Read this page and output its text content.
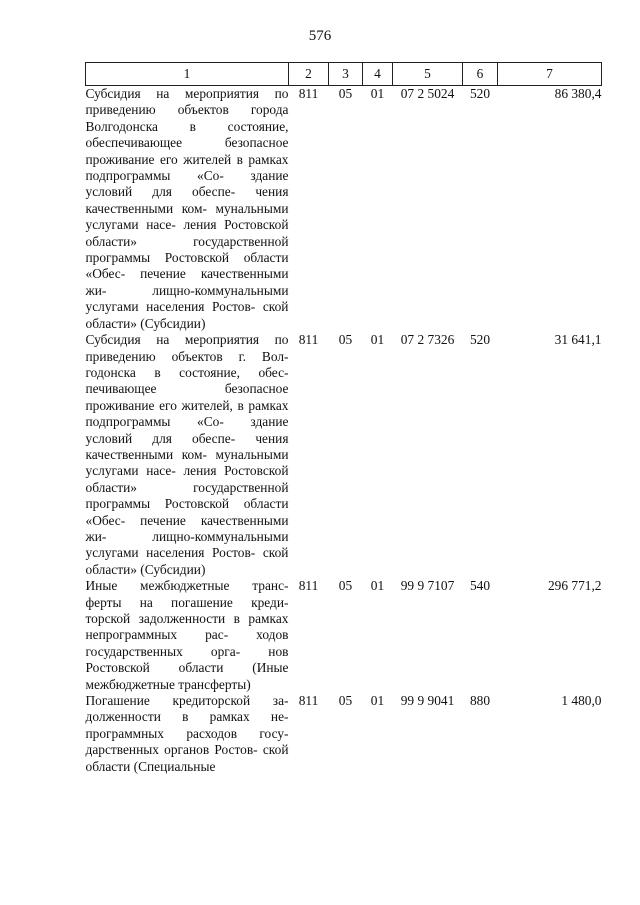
576
1	2	3	4	5	6	7
Субсидия на мероприятия по приведению объектов города Волгодонска в состояние, обеспечивающее безопасное проживание его жителей в рамках подпрограммы «Со- здание условий для обеспе- чения качественными ком- мунальными услугами насе- ления Ростовской области» государственной программы Ростовской области «Обес- печение качественными жи- лищно-коммунальными услугами населения Ростов- ской области» (Субсидии)	811	05	01	07 2 5024	520	86 380,4
Субсидия на мероприятия по приведению объектов г. Вол- годонска в состояние, обес- печивающее безопасное проживание его жителей, в рамках подпрограммы «Со- здание условий для обеспе- чения качественными ком- мунальными услугами насе- ления Ростовской области» государственной программы Ростовской области «Обес- печение качественными жи- лищно-коммунальными услугами населения Ростов- ской области» (Субсидии)	811	05	01	07 2 7326	520	31 641,1
Иные межбюджетные транс- ферты на погашение креди- торской задолженности в рамках непрограммных рас- ходов государственных орга- нов Ростовской области (Иные межбюджетные трансферты)	811	05	01	99 9 7107	540	296 771,2
Погашение кредиторской за- долженности в рамках не- программных расходов госу- дарственных органов Ростов- ской области (Специальные	811	05	01	99 9 9041	880	1 480,0
